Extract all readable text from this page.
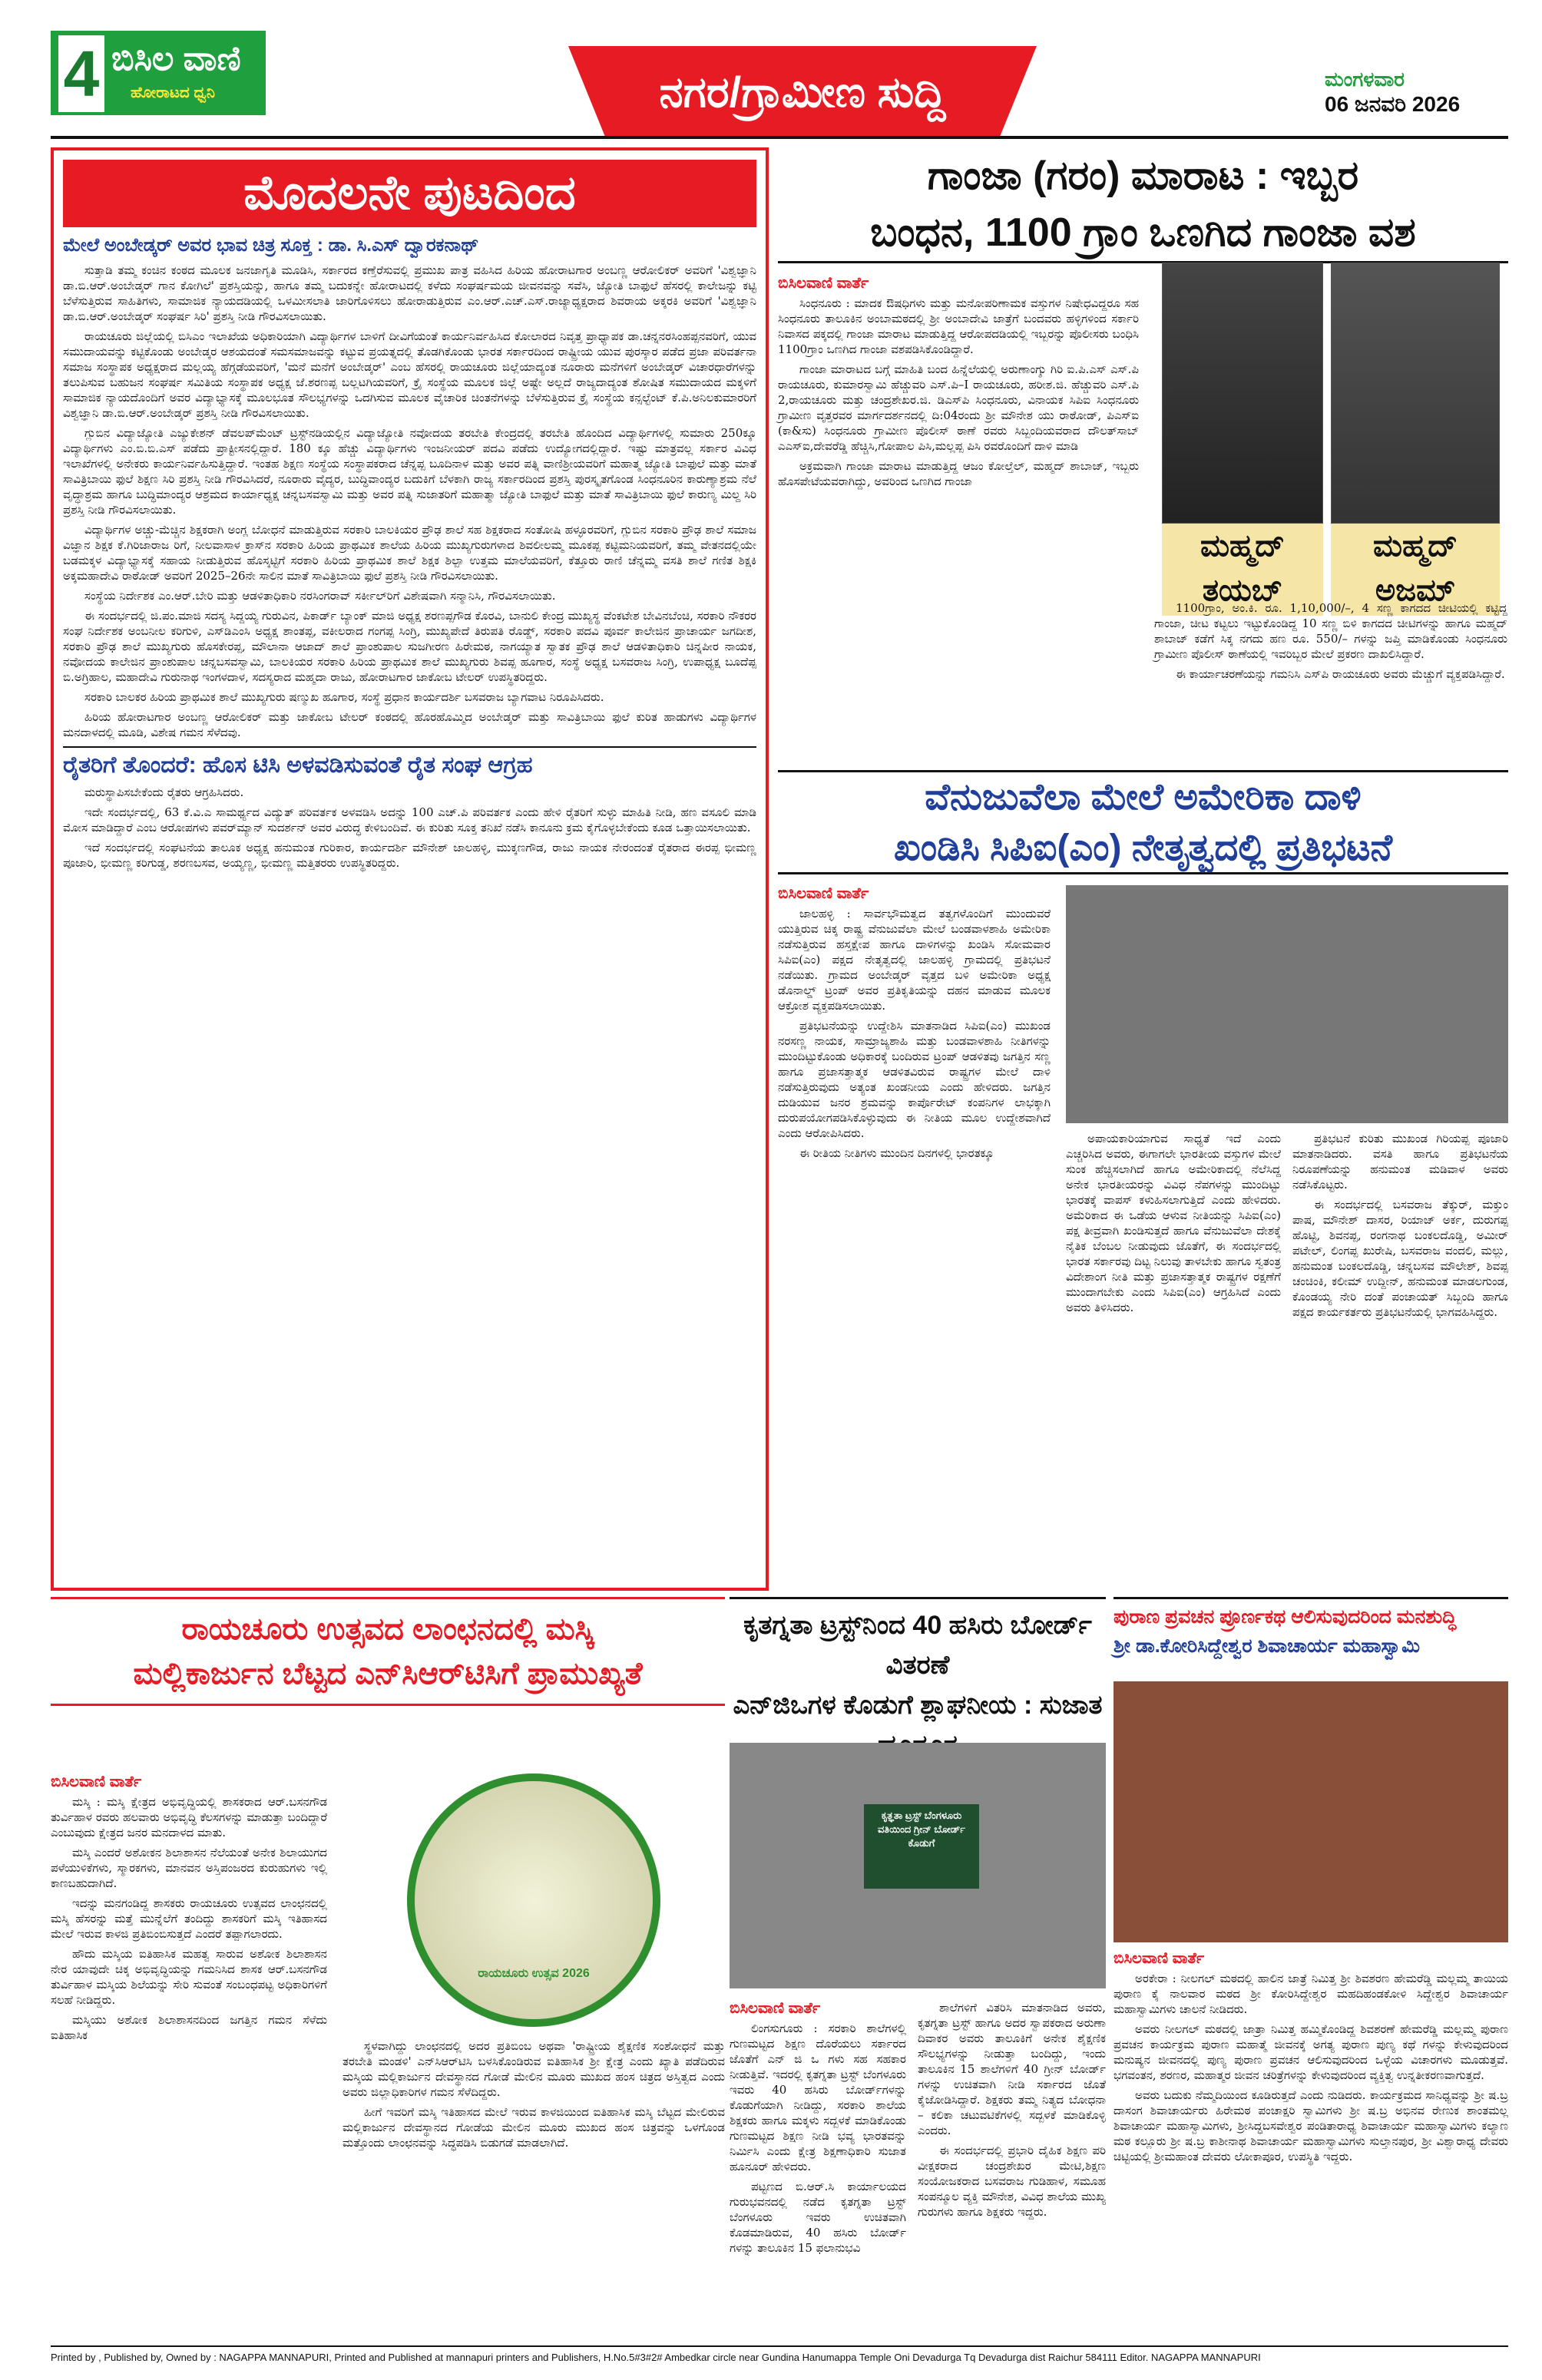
4 ಬಿಸಿಲ ವಾಣಿ
ಹೋರಾಟದ ಧ್ವನಿ	ನಗರ/ಗ್ರಾಮೀಣ ಸುದ್ದಿ	ಮಂಗಳವಾರ
06 ಜನವರಿ 2026
ಮೊದಲನೇ ಪುಟದಿಂದ
ಮೇಲೆ ಅಂಬೇಡ್ಕರ್ ಅವರ ಭಾವ ಚಿತ್ರ ಸೂಕ್ತ : ಡಾ. ಸಿ.ಎಸ್ ದ್ವಾರಕನಾಥ್

ಸುತ್ತಾಡಿ ತಮ್ಮ ಕಂಚಿನ ಕಂಠದ ಮೂಲಕ ಜನಜಾಗೃತಿ ಮೂಡಿಸಿ, ಸರ್ಕಾರದ ಕಣ್ತೆರೆಸುವಲ್ಲಿ ಪ್ರಮುಖ ಪಾತ್ರ ವಹಿಸಿದ ಹಿರಿಯ ಹೋರಾಟಗಾರ ಅಂಬಣ್ಣ ಆರೋಲಿಕರ್ ಅವರಿಗೆ 'ವಿಶ್ವಜ್ಞಾನಿ ಡಾ.ಬಿ.ಆರ್.ಅಂಬೇಡ್ಕರ್ ಗಾನ ಕೋಗಿಲೆ' ಪ್ರಶಸ್ತಿಯನ್ನು, ಹಾಗೂ ತಮ್ಮ ಬದುಕನ್ನೇ ಹೋರಾಟದಲ್ಲಿ ಕಳೆದು ಸಂಘರ್ಷಮಯ ಜೀವನವನ್ನು ಸವೆಸಿ, ಜ್ಯೋತಿ ಬಾಫುಲೆ ಹೆಸರಲ್ಲಿ ಕಾಲೇಜನ್ನು ಕಟ್ಟಿ ಬೆಳೆಸುತ್ತಿರುವ ಸಾಹಿತಿಗಳು, ಸಾಮಾಜಿಕ ನ್ಯಾಯದಡಿಯಲ್ಲಿ ಒಳಮೀಸಲಾತಿ ಜಾರಿಗೊಳಿಸಲು ಹೋರಾಡುತ್ತಿರುವ ಎಂ.ಆರ್.ಎಚ್.ಎಸ್.ರಾಜ್ಯಾಧ್ಯಕ್ಷರಾದ ಶಿವರಾಯ ಅಕ್ಕರಕಿ ಅವರಿಗೆ 'ವಿಶ್ವಜ್ಞಾನಿ ಡಾ.ಬಿ.ಆರ್.ಅಂಬೇಡ್ಕರ್ ಸಂಘರ್ಷ ಸಿರಿ' ಪ್ರಶಸ್ತಿ ನೀಡಿ ಗೌರವಿಸಲಾಯಿತು.

ರಾಯಚೂರು ಜಿಲ್ಲೆಯಲ್ಲಿ ಬಿಸಿಎಂ ಇಲಾಖೆಯ ಅಧಿಕಾರಿಯಾಗಿ ವಿದ್ಯಾರ್ಥಿಗಳ ಬಾಳಿಗೆ ದೀವಿಗೆಯಂತೆ ಕಾರ್ಯನಿರ್ವಹಿಸಿದ ಕೋಲಾರದ ನಿವೃತ್ತ ಪ್ರಾಧ್ಯಾಪಕ ಡಾ.ಚನ್ನನರಸಿಂಹಪ್ಪನವರಿಗೆ, ಯುವ ಸಮುದಾಯವನ್ನು ಕಟ್ಟಿಕೊಂಡು ಅಂಬೇಡ್ಕರ ಆಶಯದಂತೆ ಸಮಸಮಾಜವನ್ನು ಕಟ್ಟುವ ಪ್ರಯತ್ನದಲ್ಲಿ ತೊಡಗಿಕೊಂಡು ಭಾರತ ಸರ್ಕಾರದಿಂದ ರಾಷ್ಟ್ರೀಯ ಯುವ ಪುರಸ್ಕಾರ ಪಡೆದ ಪ್ರಜಾ ಪರಿವರ್ತನಾ ಸಮಾಜ ಸಂಸ್ಥಾಪಕ ಅಧ್ಯಕ್ಷರಾದ ಮಲ್ಲಯ್ಯ ಹೆಗ್ಗಡೆಯವರಿಗೆ, 'ಮನೆ ಮನೆಗೆ ಅಂಬೇಡ್ಕರ್' ಎಂಬ ಹೆಸರಲ್ಲಿ ರಾಯಚೂರು ಜಿಲ್ಲೆಯಾದ್ಯಂತ ನೂರಾರು ಮನೆಗಳಿಗೆ ಅಂಬೇಡ್ಕರ್ ವಿಚಾರಧಾರೆಗಳನ್ನು ತಲುಪಿಸುವ ಬಹುಜನ ಸಂಘರ್ಷ ಸಮಿತಿಯ ಸಂಸ್ಥಾಪಕ ಅಧ್ಯಕ್ಷ ಜೆ.ಶರಣಪ್ಪ ಬಲ್ಲಟಗಿಯವರಿಗೆ, ಕ್ರೈ ಸಂಸ್ಥೆಯ ಮೂಲಕ ಜಿಲ್ಲೆ ಅಷ್ಟೇ ಅಲ್ಲದೆ ರಾಜ್ಯದಾದ್ಯಂತ ಶೋಷಿತ ಸಮುದಾಯದ ಮಕ್ಕಳಿಗೆ ಸಾಮಾಜಿಕ ನ್ಯಾಯದೊಂದಿಗೆ ಅವರ ವಿದ್ಯಾಭ್ಯಾಸಕ್ಕೆ ಮೂಲಭೂತ ಸೌಲಭ್ಯಗಳನ್ನು ಒದಗಿಸುವ ಮೂಲಕ ವೈಚಾರಿಕ ಚಿಂತನೆಗಳನ್ನು ಬೆಳೆಸುತ್ತಿರುವ ಕ್ರೈ ಸಂಸ್ಥೆಯ ಕನ್ಸಲ್ಟೆಂಟ್ ಕೆ.ಪಿ.ಅನಿಲಕುಮಾರರಿಗೆ ವಿಶ್ವಜ್ಞಾನಿ ಡಾ.ಬಿ.ಆರ್.ಅಂಬೇಡ್ಕರ್ ಪ್ರಶಸ್ತಿ ನೀಡಿ ಗೌರವಿಸಲಾಯಿತು.

ಗ್ಲುಬಿನ ವಿದ್ಯಾಜ್ಯೋತಿ ಎಜ್ಯುಕೇಶನ್ ಡೆವಲಪ್‌ಮೆಂಟ್ ಟ್ರಸ್ಟ್‌ನಡಿಯಲ್ಲಿನ ವಿದ್ಯಾಜ್ಯೋತಿ ನವೋದಯ ತರಬೇತಿ ಕೇಂದ್ರದಲ್ಲಿ ತರಬೇತಿ ಹೊಂದಿದ ವಿದ್ಯಾರ್ಥಿಗಳಲ್ಲಿ ಸುಮಾರು 250ಕ್ಕೂ ವಿದ್ಯಾರ್ಥಿಗಳು ಎಂ.ಬಿ.ಬಿ.ಎಸ್ ಪಡೆದು ಪ್ರಾಕ್ಟೀಸನಲ್ಲಿದ್ದಾರೆ. 180 ಕ್ಕೂ ಹೆಚ್ಚು ವಿದ್ಯಾರ್ಥಿಗಳು ಇಂಜನೀಯರ್ ಪದವಿ ಪಡೆದು ಉದ್ಯೋಗದಲ್ಲಿದ್ದಾರೆ. ಇಷ್ಟು ಮಾತ್ರವಲ್ಲ ಸರ್ಕಾರ ವಿವಿಧ ಇಲಾಖೆಗಳಲ್ಲಿ ಅನೇಕರು ಕಾರ್ಯನಿರ್ವಹಿಸುತ್ತಿದ್ದಾರೆ. ಇಂತಹ ಶಿಕ್ಷಣ ಸಂಸ್ಥೆಯ ಸಂಸ್ಥಾಪಕರಾದ ಚೆನ್ನಪ್ಪ ಬೂದಿನಾಳ ಮತ್ತು ಅವರ ಪತ್ನಿ ವಾಣಿಶ್ರೀಯವರಿಗೆ ಮಹಾತ್ಮ ಜ್ಯೋತಿ ಬಾಫುಲೆ ಮತ್ತು ಮಾತೆ ಸಾವಿತ್ರಿಬಾಯಿ ಫುಲೆ ಶಿಕ್ಷಣ ಸಿರಿ ಪ್ರಶಸ್ತಿ ನೀಡಿ ಗೌರವಿಸಿದರೆ, ನೂರಾರು ವೈದ್ಯರ, ಬುದ್ಧಿವಾಂದ್ಯರ ಬದುಕಿಗೆ ಬೆಳಕಾಗಿ ರಾಜ್ಯ ಸರ್ಕಾರದಿಂದ ಪ್ರಶಸ್ತಿ ಪುರಸ್ಕೃತಗೊಂಡ ಸಿಂಧನೂರಿನ ಕಾರುಣ್ಯಾಶ್ರಮ ನೆಲೆ ವೃದ್ಧಾಶ್ರಮ ಹಾಗೂ ಬುದ್ಧಿಮಾಂದ್ಯರ ಆಶ್ರಮದ ಕಾರ್ಯಾಧ್ಯಕ್ಷ ಚನ್ನಬಸವಸ್ವಾಮಿ ಮತ್ತು ಅವರ ಪತ್ನಿ ಸುಜಾತರಿಗೆ ಮಹಾತ್ಮಾ ಜ್ಯೋತಿ ಬಾಫುಲೆ ಮತ್ತು ಮಾತೆ ಸಾವಿತ್ರಿಬಾಯಿ ಫುಲೆ ಕಾರುಣ್ಯ ಮಿಲ್ದ ಸಿರಿ ಪ್ರಶಸ್ತಿ ನೀಡಿ ಗೌರವಿಸಲಾಯಿತು.

ವಿದ್ಯಾರ್ಥಿಗಳ ಅಚ್ಚು-ಮೆಚ್ಚಿನ ಶಿಕ್ಷಕರಾಗಿ ಅಂಗ್ಲ ಬೋಧನೆ ಮಾಡುತ್ತಿರುವ ಸರಕಾರಿ ಬಾಲಕಿಯರ ಪ್ರೌಢ ಶಾಲೆ ಸಹ ಶಿಕ್ಷಕರಾದ ಸಂತೋಷಿ ಹಳ್ಳೂರವರಿಗೆ, ಗ್ಲುಬಿನ ಸರಕಾರಿ ಪ್ರೌಢ ಶಾಲೆ ಸಮಾಜ ವಿಜ್ಞಾನ ಶಿಕ್ಷಕ ಕೆ.ಗಿರಿಜಾರಾಜ ರಿಗೆ, ನೀಲವಾಸಾಳ ಕ್ರಾಸ್‌ನ ಸರಕಾರಿ ಹಿರಿಯ ಪ್ರಾಥಮಿಕ ಶಾಲೆಯ ಹಿರಿಯ ಮುಖ್ಯಗುರುಗಳಾದ ಶಿವಲೀಲಮ್ಮ ಮೂಕಪ್ಪ ಕಟ್ಟಿಮನಿಯವರಿಗೆ, ತಮ್ಮ ವೇತನದಲ್ಲಿಯೇ ಬಡಮಕ್ಕಳ ವಿದ್ಯಾಭ್ಯಾಸಕ್ಕೆ ಸಹಾಯ ನೀಡುತ್ತಿರುವ ಹೊಸ್ಕಟ್ಟಿಗೆ ಸರಕಾರಿ ಹಿರಿಯ ಪ್ರಾಥಮಿಕ ಶಾಲೆ ಶಿಕ್ಷಕ ಶಿಲ್ಪಾ ಉತ್ತಮ ಮಾಲೆಯವರಿಗೆ, ಕೆತ್ತೂರು ರಾಣಿ ಚೆನ್ನಮ್ಮ ವಸತಿ ಶಾಲೆ ಗಣಿತ ಶಿಕ್ಷಕಿ ಅಕ್ಕಮಹಾದೇವಿ ರಾಠೋಡ್ ಅವರಿಗೆ 2025–26ನೇ ಸಾಲಿನ ಮಾತೆ ಸಾವಿತ್ರಿಬಾಯಿ ಫುಲೆ ಪ್ರಶಸ್ತಿ ನೀಡಿ ಗೌರವಿಸಲಾಯಿತು.

ಸಂಸ್ಥೆಯ ನಿರ್ದೇಶಕ ಎಂ.ಆರ್.ಬೇರಿ ಮತ್ತು ಆಡಳಿತಾಧಿಕಾರಿ ನರಸಿಂಗರಾವ್ ಸರ್ಕೀಲ್‌ರಿಗೆ ವಿಶೇಷವಾಗಿ ಸನ್ಮಾನಿಸಿ, ಗೌರವಿಸಲಾಯಿತು.

ಈ ಸಂದರ್ಭದಲ್ಲಿ ಜಿ.ಪಂ.ಮಾಜಿ ಸದಸ್ಯ ಸಿದ್ದಯ್ಯ ಗುರುವಿನ, ಪಿಕಾರ್ಡ್ ಬ್ಯಾಂಕ್ ಮಾಜಿ ಅಧ್ಯಕ್ಷ ಶರಣಪ್ಪಗೌಡ ಕೊರವಿ, ಬಾನುಲಿ ಕೇಂದ್ರ ಮುಖ್ಯಸ್ಥ ವೆಂಕಟೇಶ ಬೇವಿನಬೆಂಚಿ, ಸರಕಾರಿ ನೌಕರರ ಸಂಘ ನಿರ್ದೇಶಕ ಅಂಬನೀಲ ಕರಿಗುಳಿ, ಎಸ್‌ಡಿಎಂಸಿ ಅಧ್ಯಕ್ಷ ಶಾಂತಪ್ಪ, ವಕೀಲರಾದ ಗಂಗಪ್ಪ ಸಿಂಗ್ರಿ, ಮುಖ್ಯಪೇದೆ ತಿರುಪತಿ ರೊಡ್ಡ್, ಸರಕಾರಿ ಪದವಿ ಪೂರ್ವ ಕಾಲೇಜಿನ ಪ್ರಾಚಾರ್ಯ ಜಗದೀಶ, ಸರಕಾರಿ ಪ್ರೌಢ ಶಾಲೆ ಮುಖ್ಯಗುರು ಹೊಸಕೇರಪ್ಪ, ಮೌಲಾನಾ ಆಜಾದ್ ಶಾಲೆ ಪ್ರಾಂಶುಪಾಲ ಸುಜಗೀರಣ ಹಿರೇಮಠ, ನಾಗಯ್ಯಾತ ಸ್ವಾತಕ ಪ್ರೌಢ ಶಾಲೆ ಆಡಳಿತಾಧಿಕಾರಿ ಚಿನ್ನಪೀರ ನಾಯಕ, ನವೋದಯ ಕಾಲೇಜಿನ ಪ್ರಾಂಶುಪಾಲ ಚನ್ನಬಸವಸ್ವಾಮಿ, ಬಾಲಕಿಯರ ಸರಕಾರಿ ಹಿರಿಯ ಪ್ರಾಥಮಿಕ ಶಾಲೆ ಮುಖ್ಯಗುರು ಶಿವಪ್ಪ ಹೂಗಾರ, ಸಂಸ್ಥೆ ಅಧ್ಯಕ್ಷ ಬಸವರಾಜ ಸಿಂಗ್ರಿ, ಉಪಾಧ್ಯಕ್ಷ ಬೂದೆಪ್ಪ ಬಿ.ಅಗ್ರಿಹಾಲ, ಮಹಾದೇವಿ ಗುರುನಾಥ ಇಂಗಳದಾಳ, ಸದಸ್ಯರಾದ ಮಹ್ಮದಾ ರಾಜು, ಹೋರಾಟಗಾರ ಜಾಕೋಬ ಟೇಲರ್ ಉಪಸ್ಥಿತರಿದ್ದರು.

ಸರಕಾರಿ ಬಾಲಕರ ಹಿರಿಯ ಪ್ರಾಥಮಿಕ ಶಾಲೆ ಮುಖ್ಯಗುರು ಷಣ್ಮುಖ ಹೂಗಾರ, ಸಂಸ್ಥೆ ಪ್ರಧಾನ ಕಾರ್ಯದರ್ಶಿ ಬಸವರಾಜ ಬ್ಯಾಗವಾಟ ನಿರೂಪಿಸಿದರು.

ಹಿರಿಯ ಹೋರಾಟಗಾರ ಅಂಬಣ್ಣ ಆರೋಲಿಕರ್ ಮತ್ತು ಜಾಕೋಬ ಟೇಲರ್ ಕಂಠದಲ್ಲಿ ಹೊರಹೊಮ್ಮಿದ ಅಂಬೇಡ್ಕರ್ ಮತ್ತು ಸಾವಿತ್ರಿಬಾಯಿ ಫುಲೆ ಕುರಿತ ಹಾಡುಗಳು ವಿದ್ಯಾರ್ಥಿಗಳ ಮನದಾಳದಲ್ಲಿ ಮೂಡಿ, ವಿಶೇಷ ಗಮನ ಸೆಳೆದವು.

ರೈತರಿಗೆ ತೊಂದರೆ: ಹೊಸ ಟಿಸಿ ಅಳವಡಿಸುವಂತೆ ರೈತ ಸಂಘ ಆಗ್ರಹ

ಮರುಸ್ಥಾಪಿಸಬೇಕೆಂದು ರೈತರು ಆಗ್ರಹಿಸಿದರು.

ಇದೇ ಸಂದರ್ಭದಲ್ಲಿ, 63 ಕೆ.ವಿ.ಎ ಸಾಮರ್ಥ್ಯದ ವಿದ್ಯುತ್ ಪರಿವರ್ತಕ ಅಳವಡಿಸಿ ಅದನ್ನು 100 ಎಚ್.ಪಿ ಪರಿವರ್ತಕ ಎಂದು ಹೇಳಿ ರೈತರಿಗೆ ಸುಳ್ಳು ಮಾಹಿತಿ ನೀಡಿ, ಹಣ ವಸೂಲಿ ಮಾಡಿ ಮೋಸ ಮಾಡಿದ್ದಾರೆ ಎಂಬ ಆರೋಪಗಳು ಪವರ್‌ಮ್ಯಾನ್ ಸುದರ್ಶನ್ ಅವರ ವಿರುದ್ಧ ಕೇಳಿಬಂದಿವೆ. ಈ ಕುರಿತು ಸೂಕ್ತ ತನಿಖೆ ನಡೆಸಿ ಕಾನೂನು ಕ್ರಮ ಕೈಗೊಳ್ಳಬೇಕೆಂದು ಕೂಡ ಒತ್ತಾಯಿಸಲಾಯಿತು.

ಇದೆ ಸಂದರ್ಭದಲ್ಲಿ ಸಂಘಟನೆಯ ತಾಲೂಕ ಅಧ್ಯಕ್ಷ ಹನುಮಂತ ಗುರಿಕಾರ, ಕಾರ್ಯದರ್ಶಿ ಮೌನೇಶ್ ಜಾಲಹಳ್ಳಿ, ಮುಕ್ಕಣಗೌಡ, ರಾಜು ನಾಯಕ ನೇರಂದಂತೆ ರೈತರಾದ ಈರಪ್ಪ ಭೀಮಣ್ಣ ಪೂಜಾರಿ, ಭೀಮಣ್ಣ ಕರಿಗುಡ್ಡ, ಶರಣಬಸವ, ಅಯ್ಯಣ್ಣ, ಭೀಮಣ್ಣ ಮತ್ತಿತರರು ಉಪಸ್ಥಿತರಿದ್ದರು.

ಗಾಂಜಾ (ಗರಂ) ಮಾರಾಟ : ಇಬ್ಬರ
ಬಂಧನ, 1100 ಗ್ರಾಂ ಒಣಗಿದ ಗಾಂಜಾ ವಶ
ಬಿಸಿಲವಾಣಿ ವಾರ್ತೆ

ಸಿಂಧನೂರು : ಮಾದಕ ಔಷಧಿಗಳು ಮತ್ತು ಮನೋಪರಿಣಾಮಕ ವಸ್ತುಗಳ ನಿಷೇಧವಿದ್ದರೂ ಸಹ ಸಿಂಧನೂರು ತಾಲೂಕಿನ ಅಂಬಾಮಠದಲ್ಲಿ ಶ್ರೀ ಅಂಬಾದೇವಿ ಜಾತ್ರೆಗೆ ಬಂದವರು ಹಳ್ಳಿಗಳಿಂದ ಸರ್ಕಾರಿ ನಿವಾಸದ ಪಕ್ಕದಲ್ಲಿ ಗಾಂಜಾ ಮಾರಾಟ ಮಾಡುತ್ತಿದ್ದ ಆರೋಪದಡಿಯಲ್ಲಿ ಇಬ್ಬರನ್ನು ಪೊಲೀಸರು ಬಂಧಿಸಿ 1100ಗ್ರಾಂ ಒಣಗಿದ ಗಾಂಜಾ ವಶಪಡಿಸಿಕೊಂಡಿದ್ದಾರೆ.

ಗಾಂಜಾ ಮಾರಾಟದ ಬಗ್ಗೆ ಮಾಹಿತಿ ಬಂದ ಹಿನ್ನೆಲೆಯಲ್ಲಿ ಅರುಣಾಂಗ್ಶು ಗಿರಿ ಐ.ಪಿ.ಎಸ್ ಎಸ್.ಪಿ ರಾಯಚೂರು, ಕುಮಾರಸ್ವಾಮಿ ಹೆಚ್ಚುವರಿ ಎಸ್.ಪಿ–I ರಾಯಚೂರು, ಹರೀಶ.ಜಿ. ಹೆಚ್ಚುವರಿ ಎಸ್.ಪಿ 2,ರಾಯಚೂರು ಮತ್ತು ಚಂದ್ರಶೇಖರ.ಜಿ. ಡಿಎಸ್‌ಪಿ ಸಿಂಧನೂರು, ವಿನಾಯಕ ಸಿಪಿಐ ಸಿಂಧನೂರು ಗ್ರಾಮೀಣ ವೃತ್ತರವರ ಮಾರ್ಗದರ್ಶನದಲ್ಲಿ ದಿ:04ರಂದು ಶ್ರೀ ಮೌನೇಶ ಯು ರಾಠೋಡ್, ಪಿಎಸ್‌ಐ (ಕಾ&ಸು) ಸಿಂಧನೂರು ಗ್ರಾಮೀಣ ಪೊಲೀಸ್ ಠಾಣೆ ರವರು ಸಿಬ್ಬಂದಿಯವರಾದ ದೌಲತ್‌ಸಾಬ್ ಎಎಸ್‌ಐ,ದೇವರೆಡ್ಡಿ ಹೆಚ್ಚಿಸಿ,ಗೋಪಾಲ ಪಿಸಿ,ಮಲ್ಲಪ್ಪ ಪಿಸಿ ರವರೊಂದಿಗೆ ದಾಳಿ ಮಾಡಿ

ಅಕ್ರಮವಾಗಿ ಗಾಂಜಾ ಮಾರಾಟ ಮಾಡುತ್ತಿದ್ದ ಆಜಂ ಕೋಲ್ತೆಲ್, ಮಹ್ಮದ್ ಶಾಬಾಜ್, ಇಬ್ಬರು ಹೊಸಪೇಟೆಯವರಾಗಿದ್ದು, ಅವರಿಂದ ಒಣಗಿದ ಗಾಂಜಾ

ಮಹ್ಮದ್ ತಯಬ್
ಮಹ್ಮದ್ ಅಜಮ್

1100ಗ್ರಾಂ, ಅಂ.ಕಿ. ರೂ. 1,10,000/–, 4 ಸಣ್ಣ ಕಾಗದದ ಚೀಟಿಯಲ್ಲಿ ಕಟ್ಟಿದ್ದ ಗಾಂಜಾ, ಚೀಟ ಕಟ್ಟಲು ಇಟ್ಟುಕೊಂಡಿದ್ದ 10 ಸಣ್ಣ ಬಿಳಿ ಕಾಗದದ ಚೀಟಿಗಳನ್ನು ಹಾಗೂ ಮಹ್ಮದ್ ಶಾಬಾಜ್ ಕಡೆಗೆ ಸಿಕ್ಕ ನಗದು ಹಣ ರೂ. 550/– ಗಳನ್ನು ಜಪ್ತಿ ಮಾಡಿಕೊಂಡು ಸಿಂಧನೂರು ಗ್ರಾಮೀಣ ಪೊಲೀಸ್ ಠಾಣೆಯಲ್ಲಿ ಇವರಿಬ್ಬರ ಮೇಲೆ ಪ್ರಕರಣ ದಾಖಲಿಸಿದ್ದಾರೆ.

ಈ ಕಾರ್ಯಾಚರಣೆಯನ್ನು ಗಮನಿಸಿ ಎಸ್‌ಪಿ ರಾಯಚೂರು ಅವರು ಮೆಚ್ಚುಗೆ ವ್ಯಕ್ತಪಡಿಸಿದ್ದಾರೆ.

ವೆನುಜುವೆಲಾ ಮೇಲೆ ಅಮೇರಿಕಾ ದಾಳಿ
ಖಂಡಿಸಿ ಸಿಪಿಐ(ಎಂ) ನೇತೃತ್ವದಲ್ಲಿ ಪ್ರತಿಭಟನೆ
ಬಿಸಿಲವಾಣಿ ವಾರ್ತೆ

ಜಾಲಹಳ್ಳಿ : ಸಾರ್ವಭೌಮತ್ವದ ತತ್ವಗಳೊಂದಿಗೆ ಮುಂದುವರೆ ಯುತ್ತಿರುವ ಚಿಕ್ಕ ರಾಷ್ಟ್ರ ವೆನುಜುವೆಲಾ ಮೇಲೆ ಬಂಡವಾಳಶಾಹಿ ಅಮೇರಿಕಾ ನಡೆಸುತ್ತಿರುವ ಹಸ್ತಕ್ಷೇಪ ಹಾಗೂ ದಾಳಿಗಳನ್ನು ಖಂಡಿಸಿ ಸೋಮವಾರ ಸಿಪಿಐ(ಎಂ) ಪಕ್ಷದ ನೇತೃತ್ವದಲ್ಲಿ ಜಾಲಹಳ್ಳಿ ಗ್ರಾಮದಲ್ಲಿ ಪ್ರತಿಭಟನೆ ನಡೆಯಿತು. ಗ್ರಾಮದ ಅಂಬೇಡ್ಕರ್ ವೃತ್ತದ ಬಳಿ ಅಮೇರಿಕಾ ಅಧ್ಯಕ್ಷ ಡೊನಾಲ್ಡ್ ಟ್ರಂಪ್ ಅವರ ಪ್ರತಿಕೃತಿಯನ್ನು ದಹನ ಮಾಡುವ ಮೂಲಕ ಆಕ್ರೋಶ ವ್ಯಕ್ತಪಡಿಸಲಾಯಿತು.

ಪ್ರತಿಭಟನೆಯನ್ನು ಉದ್ದೇಶಿಸಿ ಮಾತನಾಡಿದ ಸಿಪಿಐ(ಎಂ) ಮುಖಂಡ ನರಸಣ್ಣ ನಾಯಕ, ಸಾಮ್ರಾಜ್ಯಶಾಹಿ ಮತ್ತು ಬಂಡವಾಳಶಾಹಿ ನೀತಿಗಳನ್ನು ಮುಂದಿಟ್ಟುಕೊಂಡು ಅಧಿಕಾರಕ್ಕೆ ಬಂದಿರುವ ಟ್ರಂಪ್ ಆಡಳಿತವು ಜಗತ್ತಿನ ಸಣ್ಣ ಹಾಗೂ ಪ್ರಜಾಸತ್ತಾತ್ಮಕ ಆಡಳಿತವಿರುವ ರಾಷ್ಟ್ರಗಳ ಮೇಲೆ ದಾಳಿ ನಡೆಸುತ್ತಿರುವುದು ಅತ್ಯಂತ ಖಂಡನೀಯ ಎಂದು ಹೇಳಿದರು. ಜಗತ್ತಿನ ದುಡಿಯುವ ಜನರ ಶ್ರಮವನ್ನು ಕಾರ್ಪೊರೇಟ್ ಕಂಪನಿಗಳ ಲಾಭಕ್ಕಾಗಿ ದುರುಪಯೋಗಪಡಿಸಿಕೊಳ್ಳುವುದು ಈ ನೀತಿಯ ಮೂಲ ಉದ್ದೇಶವಾಗಿದೆ ಎಂದು ಆರೋಪಿಸಿದರು.

ಈ ರೀತಿಯ ನೀತಿಗಳು ಮುಂದಿನ ದಿನಗಳಲ್ಲಿ ಭಾರತಕ್ಕೂ

ಅಪಾಯಕಾರಿಯಾಗುವ ಸಾಧ್ಯತೆ ಇದೆ ಎಂದು ಎಚ್ಚರಿಸಿದ ಅವರು, ಈಗಾಗಲೇ ಭಾರತೀಯ ವಸ್ತುಗಳ ಮೇಲೆ ಸುಂಕ ಹೆಚ್ಚಿಸಲಾಗಿದೆ ಹಾಗೂ ಅಮೇರಿಕಾದಲ್ಲಿ ನೆಲೆಸಿದ್ದ ಅನೇಕ ಭಾರತೀಯರನ್ನು ವಿವಿಧ ನೆಪಗಳನ್ನು ಮುಂದಿಟ್ಟು ಭಾರತಕ್ಕೆ ವಾಪಸ್ ಕಳುಹಿಸಲಾಗುತ್ತಿದೆ ಎಂದು ಹೇಳಿದರು. ಅಮೆರಿಕಾದ ಈ ಒಡೆಯ ಆಳುವ ನೀತಿಯನ್ನು ಸಿಪಿಐ(ಎಂ) ಪಕ್ಷ ತೀವ್ರವಾಗಿ ಖಂಡಿಸುತ್ತದೆ ಹಾಗೂ ವೆನುಜುವೆಲಾ ದೇಶಕ್ಕೆ ನೈತಿಕ ಬೆಂಬಲ ನೀಡುವುದು ಜೊತೆಗೆ, ಈ ಸಂದರ್ಭದಲ್ಲಿ ಭಾರತ ಸರ್ಕಾರವು ದಿಟ್ಟ ನಿಲುವು ತಾಳಬೇಕು ಹಾಗೂ ಸ್ವತಂತ್ರ ವಿದೇಶಾಂಗ ನೀತಿ ಮತ್ತು ಪ್ರಜಾಸತ್ತಾತ್ಮಕ ರಾಷ್ಟ್ರಗಳ ರಕ್ಷಣೆಗೆ ಮುಂದಾಗಬೇಕು ಎಂದು ಸಿಪಿಐ(ಎಂ) ಆಗ್ರಹಿಸಿದೆ ಎಂದು ಅವರು ತಿಳಿಸಿದರು.

ಪ್ರತಿಭಟನೆ ಕುರಿತು ಮುಖಂಡ ಗಿರಿಯಪ್ಪ ಪೂಜಾರಿ ಮಾತನಾಡಿದರು. ವಸತಿ ಹಾಗೂ ಪ್ರತಿಭಟನೆಯ ನಿರೂಪಣೆಯನ್ನು ಹನುಮಂತ ಮಡಿವಾಳ ಅವರು ನಡೆಸಿಕೊಟ್ಟರು.

ಈ ಸಂದರ್ಭದಲ್ಲಿ ಬಸವರಾಜ ತೆಕ್ಕುರ್, ಮಕ್ತುಂ ಪಾಷ, ಮೌನೇಶ್ ದಾಸರ, ರಿಯಾಜ್ ಅರ್ಕ, ದುರುಗಪ್ಪ ಹೊಟ್ಟಿ, ಶಿವನಪ್ಪ, ರಂಗನಾಥ ಬಂಕಲದೊಡ್ಡಿ, ಅಮೀರ್ ಪಟೇಲ್, ಲಿಂಗಪ್ಪ ಖುರೇಷಿ, ಬಸವರಾಜ ವಂದಲಿ, ಮಲ್ಲು, ಹನುಮಂತ ಬಂಕಲದೊಡ್ಡಿ, ಚನ್ನಬಸವ ಮೌಲೇಶ್, ಶಿವಪ್ಪ ಚಂಚಿಂಕಿ, ಕಲೀಮ್ ಉದ್ದೀನ್, ಹನುಮಂತ ಮಾಡಲಗುಂಡ, ಕೊಂಡಯ್ಯ ನೇರಿ ದಂತೆ ಪಂಚಾಯತ್ ಸಿಬ್ಬಂದಿ ಹಾಗೂ ಪಕ್ಷದ ಕಾರ್ಯಕರ್ತರು ಪ್ರತಿಭಟನೆಯಲ್ಲಿ ಭಾಗವಹಿಸಿದ್ದರು.

ರಾಯಚೂರು ಉತ್ಸವದ ಲಾಂಛನದಲ್ಲಿ ಮಸ್ಕಿ
ಮಲ್ಲಿಕಾರ್ಜುನ ಬೆಟ್ಟದ ಎನ್‌ಸಿಆರ್‌ಟಿಸಿಗೆ ಪ್ರಾಮುಖ್ಯತೆ
ಬಿಸಿಲವಾಣಿ ವಾರ್ತೆ

ಮಸ್ಕಿ : ಮಸ್ಕಿ ಕ್ಷೇತ್ರದ ಅಭಿವೃದ್ಧಿಯಲ್ಲಿ ಶಾಸಕರಾದ ಆರ್.ಬಸನಗೌಡ ತುರ್ವಿಹಾಳ ರವರು ಹಲವಾರು ಅಭಿವೃದ್ಧಿ ಕೆಲಸಗಳನ್ನು ಮಾಡುತ್ತಾ ಬಂದಿದ್ದಾರೆ ಎಂಬುವುದು ಕ್ಷೇತ್ರದ ಜನರ ಮನದಾಳದ ಮಾತು.

ಮಸ್ಕಿ ಎಂದರೆ ಅಶೋಕನ ಶಿಲಾಶಾಸನ ನೆಲೆಯಂತೆ ಅನೇಕ ಶಿಲಾಯುಗದ ಪಳೆಯುಳಿಕೆಗಳು, ಸ್ಮಾರಕಗಳು, ಮಾನವನ ಅಸ್ತಿಪಂಜರದ ಕುರುಹುಗಳು ಇಲ್ಲಿ ಕಾಣಬಹುದಾಗಿದೆ.

ಇದನ್ನು ಮನಗಂಡಿದ್ದ ಶಾಸಕರು ರಾಯಚೂರು ಉತ್ಸವದ ಲಾಂಛನದಲ್ಲಿ ಮಸ್ಕಿ ಹೆಸರನ್ನು ಮತ್ತೆ ಮುನ್ನೆಲೆಗೆ ತಂದಿದ್ದು ಶಾಸಕರಿಗೆ ಮಸ್ಕಿ ಇತಿಹಾಸದ ಮೇಲೆ ಇರುವ ಕಾಳಜಿ ಪ್ರತಿಬಿಂಬಿಸುತ್ತದೆ ಎಂದರೆ ತಪ್ಪಾಗಲಾರದು.

ಹೌದು ಮಸ್ಕಿಯ ಐತಿಹಾಸಿಕ ಮಹತ್ವ ಸಾರುವ ಅಶೋಕ ಶಿಲಾಶಾಸನ ನೇರ ಯಾವುದೇ ಚಿಕ್ಕ ಅಭಿವೃದ್ಧಿಯನ್ನು ಗಮನಿಸಿದ ಶಾಸಕ ಆರ್.ಬಸನಗೌಡ ತುರ್ವಿಹಾಳ ಮಸ್ಕಿಯ ಶಿಲೆಯನ್ನು ಸೇರಿ ಸುವಂತೆ ಸಂಬಂಧಪಟ್ಟ ಅಧಿಕಾರಿಗಳಿಗೆ ಸಲಹೆ ನೀಡಿದ್ದರು.

ಮಸ್ಕಿಯು ಅಶೋಕ ಶಿಲಾಶಾಸನದಿಂದ ಜಗತ್ತಿನ ಗಮನ ಸೆಳೆದು ಐತಿಹಾಸಿಕ

ರಾಯಚೂರು ಉತ್ಸವ 2026

ಸ್ಥಳವಾಗಿದ್ದು ಲಾಂಛನದಲ್ಲಿ ಅದರ ಪ್ರತಿಬಿಂಬ ಅಥವಾ 'ರಾಷ್ಟ್ರೀಯ ಶೈಕ್ಷಣಿಕ ಸಂಶೋಧನೆ ಮತ್ತು ತರಬೇತಿ ಮಂಡಳಿ' ಎನ್‌ಸಿಆರ್‌ಟಿಸಿ ಬಳಸಿಕೊಂಡಿರುವ ಐತಿಹಾಸಿಕ ಶ್ರೀ ಕ್ಷೇತ್ರ ಎಂದು ಖ್ಯಾತಿ ಪಡೆದಿರುವ ಮಸ್ಕಿಯ ಮಲ್ಲಿಕಾರ್ಜುನ ದೇವಸ್ಥಾನದ ಗೋಡೆ ಮೇಲಿನ ಮೂರು ಮುಖದ ಹಂಸ ಚಿತ್ರದ ಅಸ್ತಿತ್ವದ ಎಂದು ಅವರು ಜಿಲ್ಲಾಧಿಕಾರಿಗಳ ಗಮನ ಸೆಳೆದಿದ್ದರು.

ಹೀಗೆ ಇವರಿಗೆ ಮಸ್ಕಿ ಇತಿಹಾಸದ ಮೇಲೆ ಇರುವ ಕಾಳಜಿಯಿಂದ ಐತಿಹಾಸಿಕ ಮಸ್ಕಿ ಬೆಟ್ಟದ ಮೇಲಿರುವ ಮಲ್ಲಿಕಾರ್ಜುನ ದೇವಸ್ಥಾನದ ಗೋಡೆಯ ಮೇಲಿನ ಮೂರು ಮುಖದ ಹಂಸ ಚಿತ್ರವನ್ನು ಒಳಗೊಂಡ ಮತ್ತೊಂದು ಲಾಂಛನವನ್ನು ಸಿದ್ಧಪಡಿಸಿ ಬಿಡುಗಡೆ ಮಾಡಲಾಗಿದೆ.

ಕೃತಗ್ನತಾ ಟ್ರಸ್ಟ್‌ನಿಂದ 40 ಹಸಿರು ಬೋರ್ಡ್ ವಿತರಣೆ
ಎನ್‌ಜಿಒಗಳ ಕೊಡುಗೆ ಶ್ಲಾಘನೀಯ : ಸುಜಾತ
ಕೃತ್ಞತಾ ಟ್ರಸ್ಟ್ ಬೆಂಗಳೂರು ವತಿಯಿಂದ ಗ್ರೀನ್ ಬೋರ್ಡ್ ಕೊಡುಗೆ
ಬಿಸಿಲವಾಣಿ ವಾರ್ತೆ

ಲಿಂಗಸುಗೂರು : ಸರಕಾರಿ ಶಾಲೆಗಳಲ್ಲಿ ಗುಣಮಟ್ಟದ ಶಿಕ್ಷಣ ದೊರೆಯಲು ಸರ್ಕಾರದ ಜೊತೆಗೆ ಎನ್ ಜಿ ಒ ಗಳು ಸಹ ಸಹಕಾರ ನೀಡುತ್ತಿವೆ. ಇದರಲ್ಲಿ ಕೃತಗ್ನತಾ ಟ್ರಸ್ಟ್ ಬೆಂಗಳೂರು ಇವರು 40 ಹಸಿರು ಬೋರ್ಡ್‌ಗಳನ್ನು ಕೊಡುಗೆಯಾಗಿ ನೀಡಿದ್ದು, ಸರಕಾರಿ ಶಾಲೆಯ ಶಿಕ್ಷಕರು ಹಾಗೂ ಮಕ್ಕಳು ಸದ್ಬಳಕೆ ಮಾಡಿಕೊಂಡು ಗುಣಮಟ್ಟದ ಶಿಕ್ಷಣ ನೀಡಿ ಭವ್ಯ ಭಾರತವನ್ನು ನಿರ್ಮಿಸಿ ಎಂದು ಕ್ಷೇತ್ರ ಶಿಕ್ಷಣಾಧಿಕಾರಿ ಸುಜಾತ ಹೂನೂರ್ ಹೇಳಿದರು.

ಪಟ್ಟಣದ ಬಿ.ಆರ್.ಸಿ ಕಾರ್ಯಾಲಯದ ಗುರುಭವನದಲ್ಲಿ ನಡೆದ ಕೃತಗ್ನತಾ ಟ್ರಸ್ಟ್ ಬೆಂಗಳೂರು ಇವರು ಉಚಿತವಾಗಿ ಕೊಡಮಾಡಿರುವ, 40 ಹಸಿರು ಬೋರ್ಡ್ ಗಳನ್ನು ತಾಲೂಕಿನ 15 ಫಲಾನುಭವಿ

ಶಾಲೆಗಳಿಗೆ ವಿತರಿಸಿ ಮಾತನಾಡಿದ ಅವರು, ಕೃತಗ್ನತಾ ಟ್ರಸ್ಟ್ ಹಾಗೂ ಅದರ ಸ್ವಾಪಕರಾದ ಅರುಣಾ ದಿವಾಕರ ಅವರು ತಾಲೂಕಿಗೆ ಅನೇಕ ಶೈಕ್ಷಣಿಕ ಸೌಲಭ್ಯಗಳನ್ನು ನೀಡುತ್ತಾ ಬಂದಿದ್ದು, ಇಂದು ತಾಲೂಕಿನ 15 ಶಾಲೆಗಳಿಗೆ 40 ಗ್ರೀನ್ ಬೋರ್ಡ್ ಗಳನ್ನು ಉಚಿತವಾಗಿ ನೀಡಿ ಸರ್ಕಾರದ ಜೊತೆ ಕೈಜೋಡಿಸಿದ್ದಾರೆ. ಶಿಕ್ಷಕರು ತಮ್ಮ ನಿತ್ಯದ ಬೋಧನಾ – ಕಲಿಕಾ ಚಟುವಟಿಕೆಗಳಲ್ಲಿ ಸದ್ಬಳಕೆ ಮಾಡಿಕೊಳ್ಳಿ ಎಂದರು.

ಈ ಸಂದರ್ಭದಲ್ಲಿ ಪ್ರಭಾರಿ ದೈಹಿಕ ಶಿಕ್ಷಣ ಪರಿ ವೀಕ್ಷಕರಾದ ಚಂದ್ರಶೇಖರ ಮೇಟಿ,ಶಿಕ್ಷಣ ಸಂಯೋಜಕರಾದ ಬಸವರಾಜ ಗುಡಿಹಾಳ, ಸಮೂಹ ಸಂಪನ್ಮೂಲ ವ್ಯಕ್ತಿ ಮೌನೇಶ, ವಿವಿಧ ಶಾಲೆಯ ಮುಖ್ಯ ಗುರುಗಳು ಹಾಗೂ ಶಿಕ್ಷಕರು ಇದ್ದರು.

ಪುರಾಣ ಪ್ರವಚನ ಪ್ರೂರ್ಣಕಥ ಆಲಿಸುವುದರಿಂದ ಮನಶುದ್ಧಿ
ಶ್ರೀ ಡಾ.ಕೋರಿಸಿದ್ದೇಶ್ವರ ಶಿವಾಚಾರ್ಯ ಮಹಾಸ್ವಾಮಿ
ಬಿಸಿಲವಾಣಿ ವಾರ್ತೆ

ಅರಕೇರಾ : ನೀಲಗಲ್ ಮಠದಲ್ಲಿ ಹಾಲಿನ ಜಾತ್ರೆ ನಿಮಿತ್ತ ಶ್ರೀ ಶಿವಶರಣ ಹೇಮರೆಡ್ಡಿ ಮಲ್ಲಮ್ಮ ತಾಯಿಯ ಪುರಾಣ ಕೈ ನಾಲವಾರ ಮಠದ ಶ್ರೀ ಕೋರಿಸಿದ್ದೇಶ್ವರ ಮಹದಿಹಂಡಕೋಳಿ ಸಿದ್ದೇಶ್ವರ ಶಿವಾಚಾರ್ಯ ಮಹಾಸ್ವಾಮಿಗಳು ಚಾಲನೆ ನೀಡಿದರು.

ಅವರು ನೀಲಗಲ್ ಮಠದಲ್ಲಿ ಜಾತ್ರಾ ನಿಮಿತ್ತ ಹಮ್ಮಿಕೊಂಡಿದ್ದ ಶಿವಶರಣೆ ಹೇಮರೆಡ್ಡಿ ಮಲ್ಲಮ್ಮ ಪುರಾಣ ಪ್ರವಚನ ಕಾರ್ಯಕ್ರಮ ಪುರಾಣ ಮಹಾತ್ಮೆ ಜೀವನಕ್ಕೆ ಅಗತ್ಯ ಪುರಾಣ ಪುಣ್ಯ ಕಥೆ ಗಳನ್ನು ಕೇಳುವುದರಿಂದ ಮನುಷ್ಯನ ಜೀವನದಲ್ಲಿ ಪುಣ್ಯ ಪುರಾಣ ಪ್ರವಚನ ಆಲಿಸುವುದರಿಂದ ಒಳ್ಳೆಯ ವಿಚಾರಗಳು ಮೂಡುತ್ತವೆ. ಭಗವಂತನ, ಶರಣರ, ಮಹಾತ್ಮರ ಜೀವನ ಚರಿತ್ರೆಗಳನ್ನು ಕೇಳುವುದರಿಂದ ವ್ಯಕ್ತಿತ್ವ ಉನ್ನತೀಕರಣವಾಗುತ್ತದೆ.

ಅವರು ಬದುಕು ನೆಮ್ಮದಿಯಿಂದ ಕೂಡಿರುತ್ತದೆ ಎಂದು ನುಡಿದರು. ಕಾರ್ಯಕ್ರಮದ ಸಾನಿಧ್ಯವನ್ನು ಶ್ರೀ ಷ.ಬ್ರ ದಾಸಂಗ ಶಿವಾಚಾರ್ಯರು ಹಿರೇಮಠ ಪಂಚಾಕ್ಷರಿ ಸ್ವಾಮಿಗಳು ಶ್ರೀ ಷ.ಬ್ರ ಅಭಿನವ ರೇಣುಕ ಶಾಂತಮಲ್ಲ ಶಿವಾಚಾರ್ಯ ಮಹಾಸ್ವಾಮಿಗಳು, ಶ್ರೀಸಿದ್ಧಬಸವೇಶ್ವರ ಪಂಡಿತಾರಾಧ್ಯ ಶಿವಾಚಾರ್ಯ ಮಹಾಸ್ವಾಮಿಗಳು ಕಲ್ಯಾಣ ಮಠ ಕಲ್ಲೂರು ಶ್ರೀ ಷ.ಬ್ರ ಕಾಶೀನಾಥ ಶಿವಾಚಾರ್ಯ ಮಹಾಸ್ವಾಮಿಗಳು ಸುಲ್ತಾನಪುರ, ಶ್ರೀ ವಿಶ್ವಾರಾಧ್ಯ ದೇವರು ಚಿಟ್ಟಿಯಲ್ಲಿ ಶ್ರೀಮಹಾಂತ ದೇವರು ಲೋಕಾಪೂರ, ಉಪಸ್ಥಿತಿ ಇದ್ದರು.

Printed by , Published by, Owned by : NAGAPPA MANNAPURI, Printed and Published at mannapuri printers and Publishers, H.No.5#3#2# Ambedkar circle near Gundina Hanumappa Temple Oni Devadurga Tq Devadurga dist Raichur 584111 Editor. NAGAPPA MANNAPURI
